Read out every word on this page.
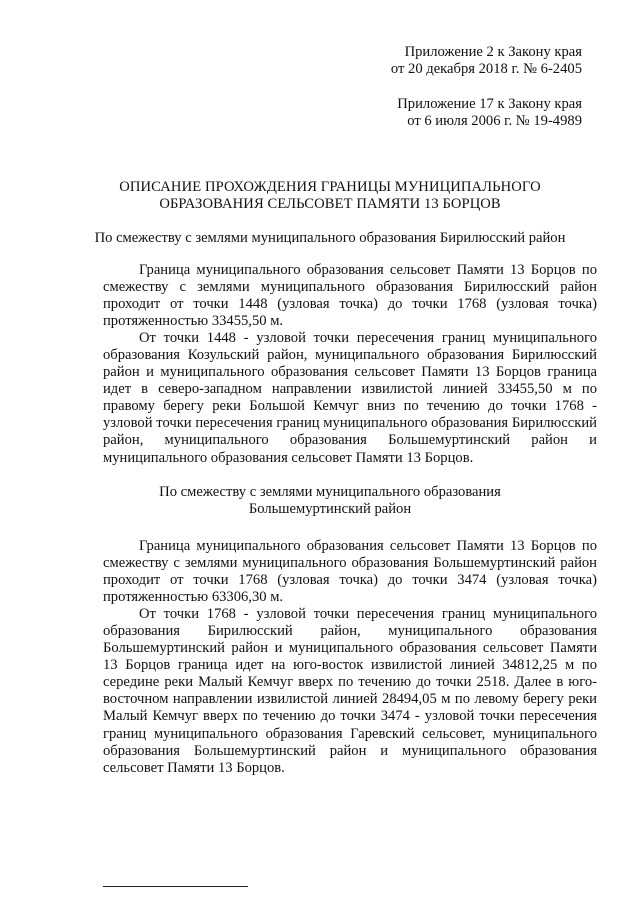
Приложение 2 к Закону края
от 20 декабря 2018 г. № 6-2405
Приложение 17 к Закону края
от 6 июля 2006 г. № 19-4989
ОПИСАНИЕ ПРОХОЖДЕНИЯ ГРАНИЦЫ МУНИЦИПАЛЬНОГО
ОБРАЗОВАНИЯ СЕЛЬСОВЕТ ПАМЯТИ 13 БОРЦОВ
По смежеству с землями муниципального образования Бирилюсский район

Граница муниципального образования сельсовет Памяти 13 Борцов по смежеству с землями муниципального образования Бирилюсский район проходит от точки 1448 (узловая точка) до точки 1768 (узловая точка) протяженностью 33455,50 м.

От точки 1448 - узловой точки пересечения границ муниципального образования Козульский район, муниципального образования Бирилюсский район и муниципального образования сельсовет Памяти 13 Борцов граница идет в северо-западном направлении извилистой линией 33455,50 м по правому берегу реки Большой Кемчуг вниз по течению до точки 1768 - узловой точки пересечения границ муниципального образования Бирилюсский район, муниципального образования Большемуртинский район и муниципального образования сельсовет Памяти 13 Борцов.

По смежеству с землями муниципального образования
Большемуртинский район

Граница муниципального образования сельсовет Памяти 13 Борцов по смежеству с землями муниципального образования Большемуртинский район проходит от точки 1768 (узловая точка) до точки 3474 (узловая точка) протяженностью 63306,30 м.

От точки 1768 - узловой точки пересечения границ муниципального образования Бирилюсский район, муниципального образования Большемуртинский район и муниципального образования сельсовет Памяти 13 Борцов граница идет на юго-восток извилистой линией 34812,25 м по середине реки Малый Кемчуг вверх по течению до точки 2518. Далее в юго-восточном направлении извилистой линией 28494,05 м по левому берегу реки Малый Кемчуг вверх по течению до точки 3474 - узловой точки пересечения границ муниципального образования Гаревский сельсовет, муниципального образования Большемуртинский район и муниципального образования сельсовет Памяти 13 Борцов.
